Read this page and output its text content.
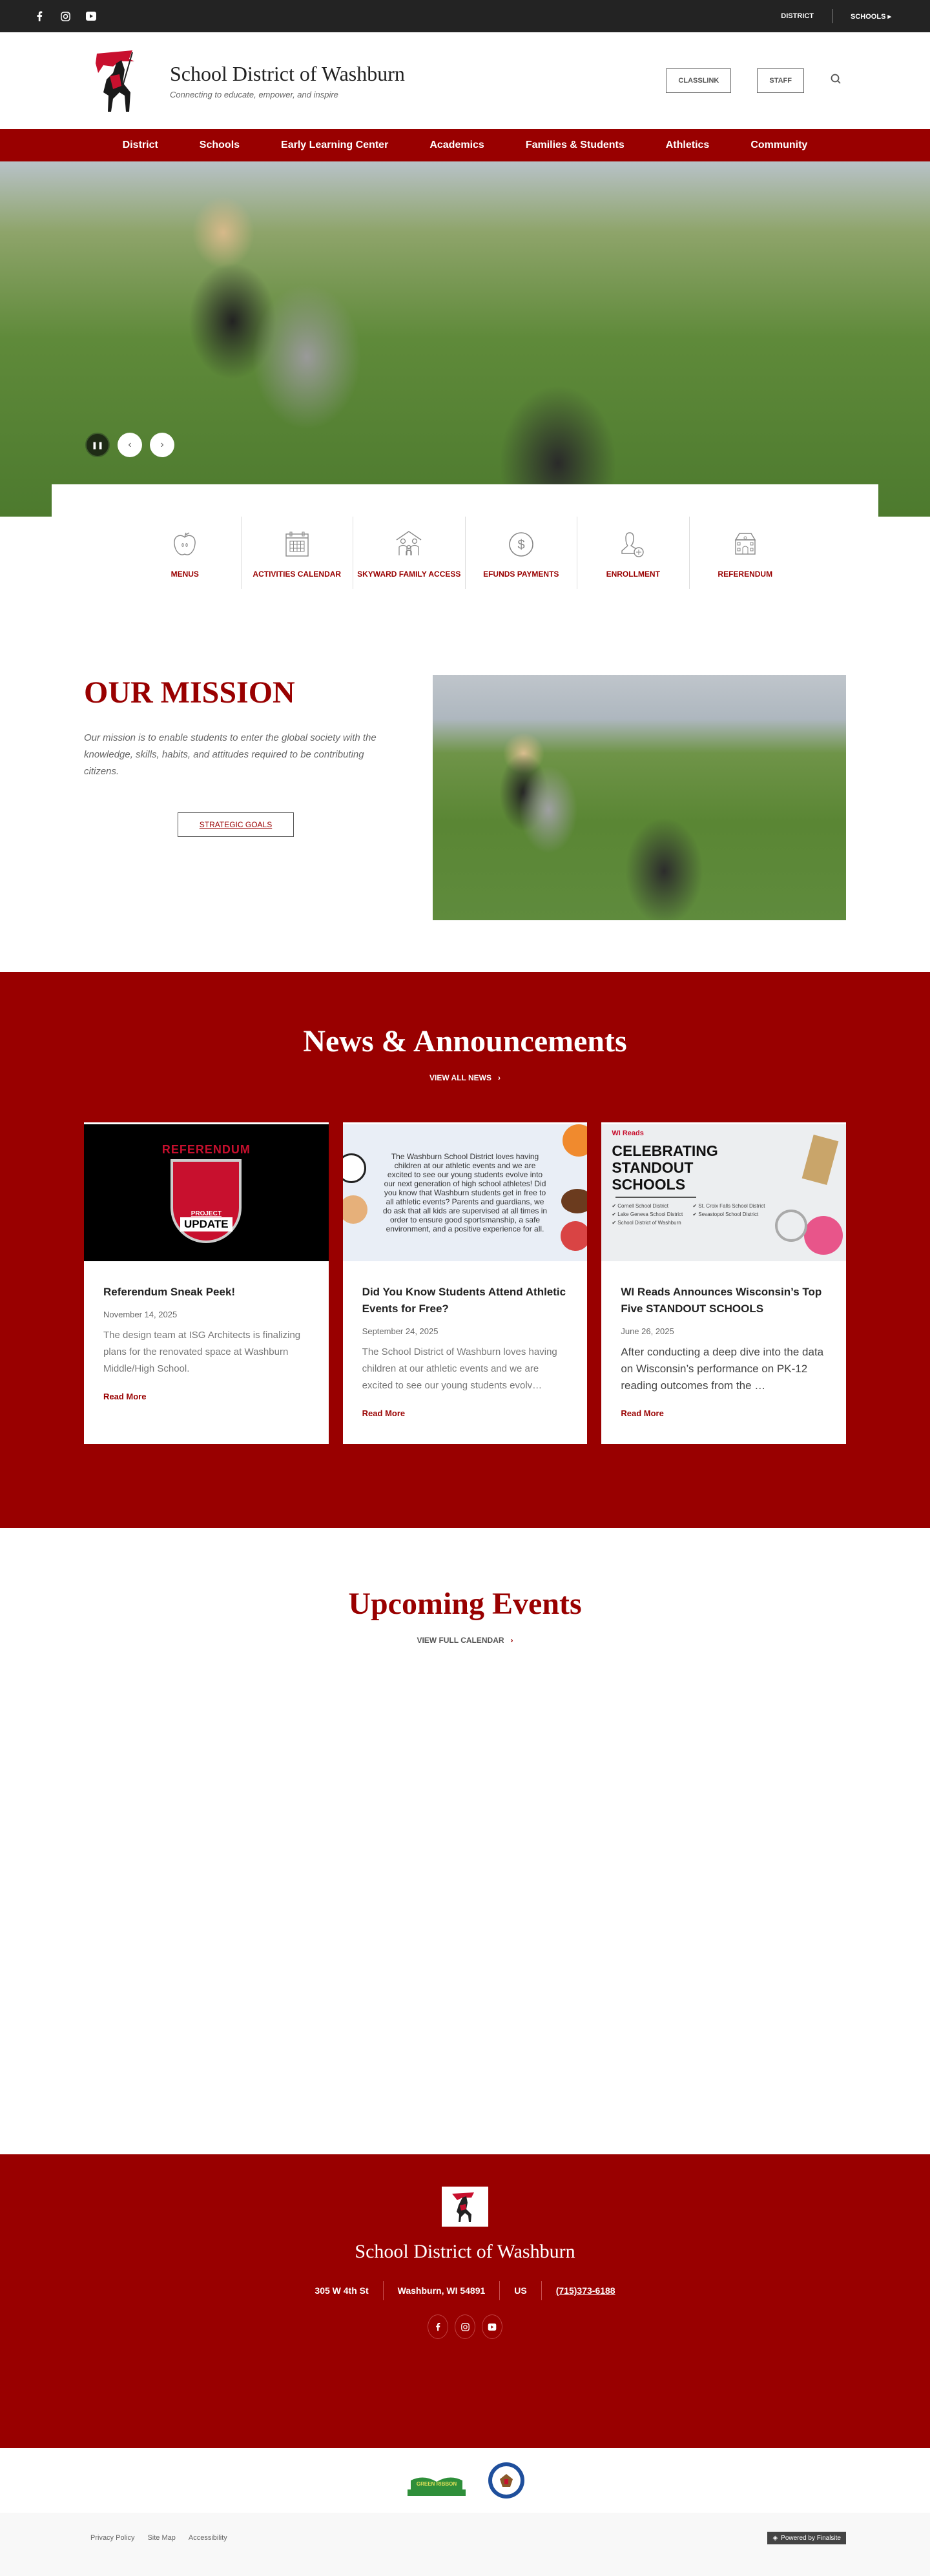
DISTRICT	SCHOOLS ▸
School District of Washburn
Connecting to educate, empower, and inspire
CLASSLINK	STAFF
District	Schools	Early Learning Center	Academics	Families & Students	Athletics	Community
❚❚	‹	›
MENUS	ACTIVITIES CALENDAR SKYWARD FAMILY ACCESS
$
EFUNDS PAYMENTS	ENROLLMENT	REFERENDUM
OUR MISSION

Our mission is to enable students to enter the global society with the knowledge, skills, habits, and attitudes required to be contributing citizens.

STRATEGIC GOALS
News & Announcements
VIEW ALL NEWS ›
REFERENDUM
PROJECT
UPDATE
Referendum Sneak Peek!
November 14, 2025

The design team at ISG Architects is finalizing plans for the renovated space at Washburn Middle/High School.

Read More
The Washburn School District loves having children at our athletic events and we are excited to see our young students evolve into our next generation of high school athletes! Did you know that Washburn students get in free to all athletic events? Parents and guardians, we do ask that all kids are supervised at all times in order to ensure good sportsmanship, a safe environment, and a positive experience for all.
Did You Know Students Attend Athletic Events for Free?
September 24, 2025

The School District of Washburn loves having children at our athletic events and we are excited to see our young students evolv…

Read More
WI Reads
CELEBRATING STANDOUT SCHOOLS
✔ Cornell School District	✔ St. Croix Falls School District
✔ Lake Geneva School District	✔ Sevastopol School District
✔ School District of Washburn
WI Reads Announces Wisconsin’s Top Five STANDOUT SCHOOLS
June 26, 2025

After conducting a deep dive into the data on Wisconsin’s performance on PK-12 reading outcomes from the …

Read More
Upcoming Events
VIEW FULL CALENDAR ›
School District of Washburn
305 W 4th St	Washburn, WI 54891	US	(715)373-6188
GREEN RIBBON
Privacy Policy Site Map Accessibility	◈ Powered by Finalsite
